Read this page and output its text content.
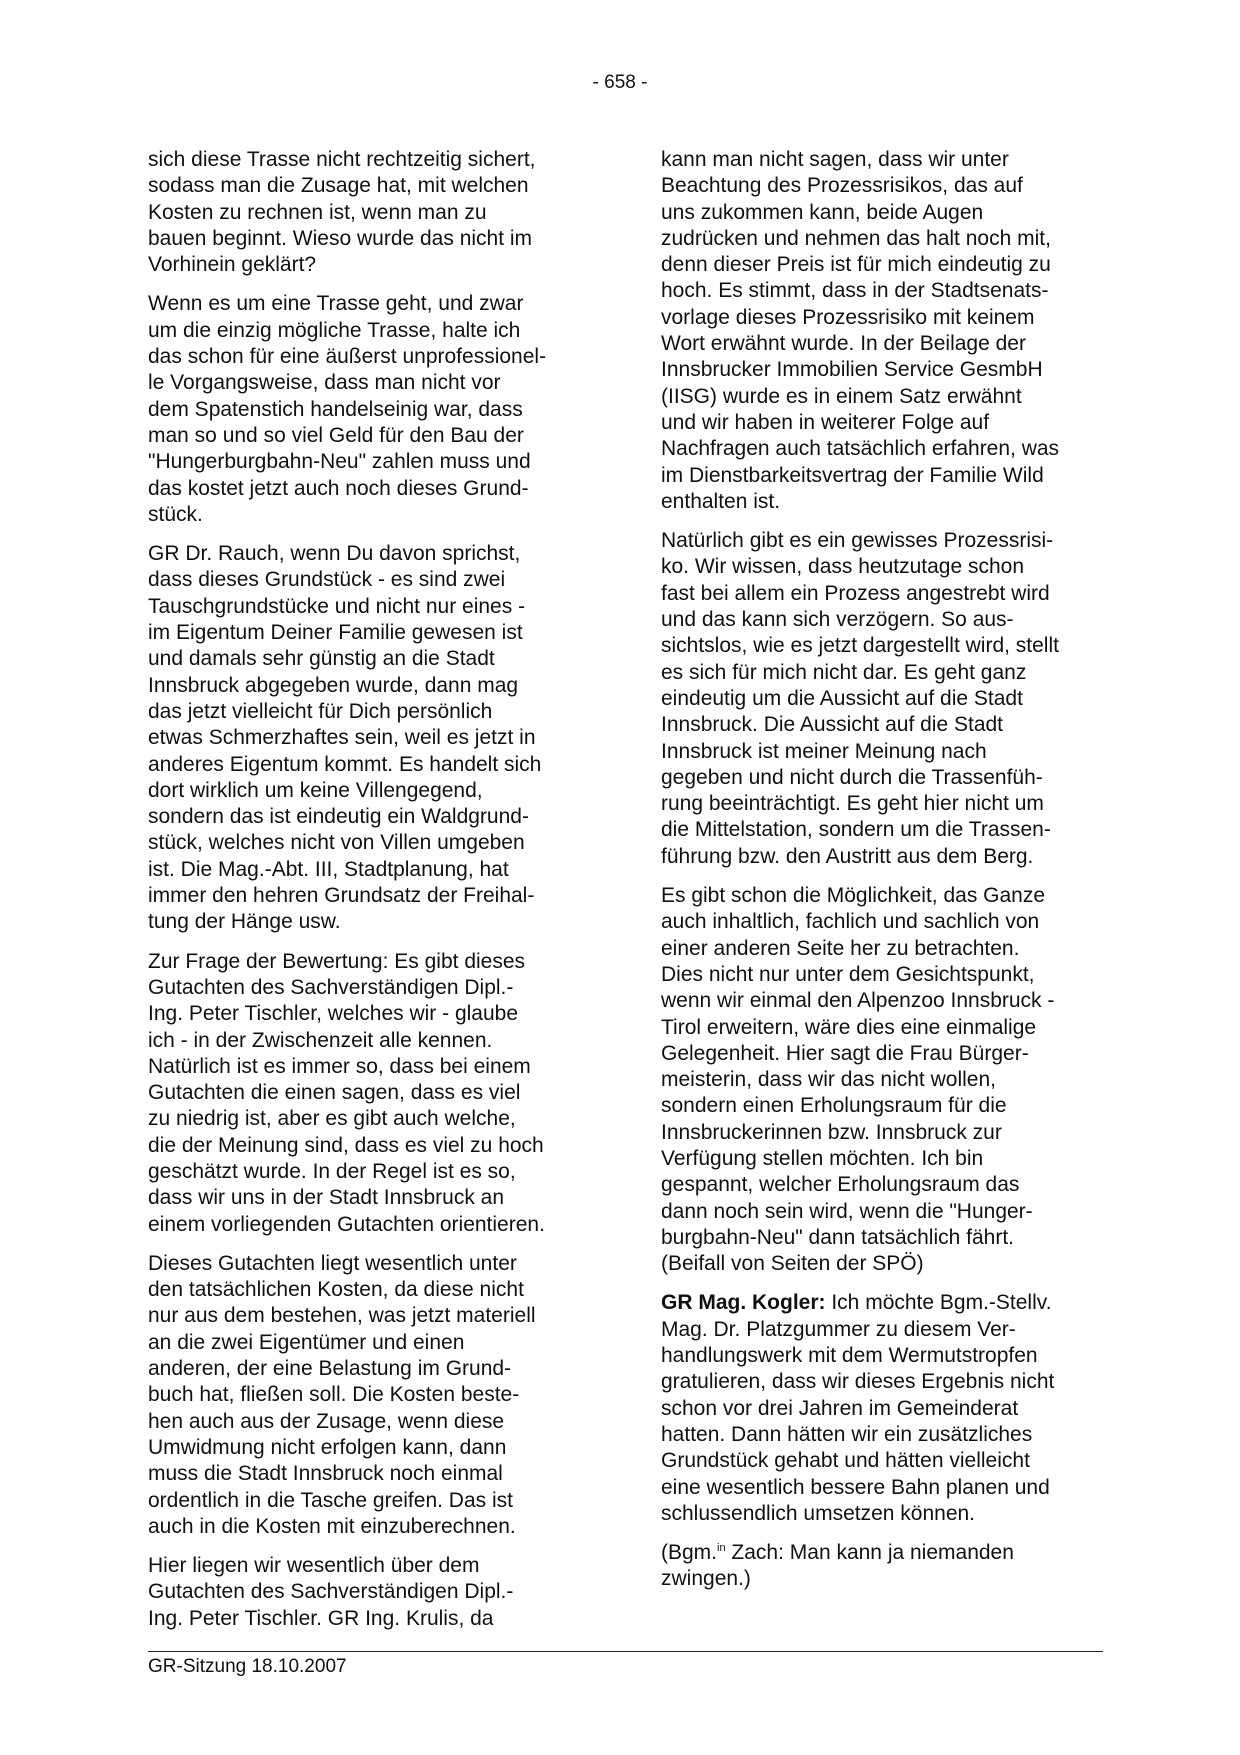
- 658 -

sich diese Trasse nicht rechtzeitig sichert,
sodass man die Zusage hat, mit welchen
Kosten zu rechnen ist, wenn man zu
bauen beginnt. Wieso wurde das nicht im
Vorhinein geklärt?

Wenn es um eine Trasse geht, und zwar
um die einzig mögliche Trasse, halte ich
das schon für eine äußerst unprofessionel-
le Vorgangsweise, dass man nicht vor
dem Spatenstich handelseinig war, dass
man so und so viel Geld für den Bau der
"Hungerburgbahn-Neu" zahlen muss und
das kostet jetzt auch noch dieses Grund-
stück.

GR Dr. Rauch, wenn Du davon sprichst,
dass dieses Grundstück - es sind zwei
Tauschgrundstücke und nicht nur eines -
im Eigentum Deiner Familie gewesen ist
und damals sehr günstig an die Stadt
Innsbruck abgegeben wurde, dann mag
das jetzt vielleicht für Dich persönlich
etwas Schmerzhaftes sein, weil es jetzt in
anderes Eigentum kommt. Es handelt sich
dort wirklich um keine Villengegend,
sondern das ist eindeutig ein Waldgrund-
stück, welches nicht von Villen umgeben
ist. Die Mag.-Abt. III, Stadtplanung, hat
immer den hehren Grundsatz der Freihal-
tung der Hänge usw.

Zur Frage der Bewertung: Es gibt dieses
Gutachten des Sachverständigen Dipl.-
Ing. Peter Tischler, welches wir - glaube
ich - in der Zwischenzeit alle kennen.
Natürlich ist es immer so, dass bei einem
Gutachten die einen sagen, dass es viel
zu niedrig ist, aber es gibt auch welche,
die der Meinung sind, dass es viel zu hoch
geschätzt wurde. In der Regel ist es so,
dass wir uns in der Stadt Innsbruck an
einem vorliegenden Gutachten orientieren.

Dieses Gutachten liegt wesentlich unter
den tatsächlichen Kosten, da diese nicht
nur aus dem bestehen, was jetzt materiell
an die zwei Eigentümer und einen
anderen, der eine Belastung im Grund-
buch hat, fließen soll. Die Kosten beste-
hen auch aus der Zusage, wenn diese
Umwidmung nicht erfolgen kann, dann
muss die Stadt Innsbruck noch einmal
ordentlich in die Tasche greifen. Das ist
auch in die Kosten mit einzuberechnen.

Hier liegen wir wesentlich über dem
Gutachten des Sachverständigen Dipl.-
Ing. Peter Tischler. GR Ing. Krulis, da

kann man nicht sagen, dass wir unter
Beachtung des Prozessrisikos, das auf
uns zukommen kann, beide Augen
zudrücken und nehmen das halt noch mit,
denn dieser Preis ist für mich eindeutig zu
hoch. Es stimmt, dass in der Stadtsenats-
vorlage dieses Prozessrisiko mit keinem
Wort erwähnt wurde. In der Beilage der
Innsbrucker Immobilien Service GesmbH
(IISG) wurde es in einem Satz erwähnt
und wir haben in weiterer Folge auf
Nachfragen auch tatsächlich erfahren, was
im Dienstbarkeitsvertrag der Familie Wild
enthalten ist.

Natürlich gibt es ein gewisses Prozessrisi-
ko. Wir wissen, dass heutzutage schon
fast bei allem ein Prozess angestrebt wird
und das kann sich verzögern. So aus-
sichtslos, wie es jetzt dargestellt wird, stellt
es sich für mich nicht dar. Es geht ganz
eindeutig um die Aussicht auf die Stadt
Innsbruck. Die Aussicht auf die Stadt
Innsbruck ist meiner Meinung nach
gegeben und nicht durch die Trassenfüh-
rung beeinträchtigt. Es geht hier nicht um
die Mittelstation, sondern um die Trassen-
führung bzw. den Austritt aus dem Berg.

Es gibt schon die Möglichkeit, das Ganze
auch inhaltlich, fachlich und sachlich von
einer anderen Seite her zu betrachten.
Dies nicht nur unter dem Gesichtspunkt,
wenn wir einmal den Alpenzoo Innsbruck -
Tirol erweitern, wäre dies eine einmalige
Gelegenheit. Hier sagt die Frau Bürger-
meisterin, dass wir das nicht wollen,
sondern einen Erholungsraum für die
Innsbruckerinnen bzw. Innsbruck zur
Verfügung stellen möchten. Ich bin
gespannt, welcher Erholungsraum das
dann noch sein wird, wenn die "Hunger-
burgbahn-Neu" dann tatsächlich fährt.
(Beifall von Seiten der SPÖ)

GR Mag. Kogler: Ich möchte Bgm.-Stellv.
Mag. Dr. Platzgummer zu diesem Ver-
handlungswerk mit dem Wermutstropfen
gratulieren, dass wir dieses Ergebnis nicht
schon vor drei Jahren im Gemeinderat
hatten. Dann hätten wir ein zusätzliches
Grundstück gehabt und hätten vielleicht
eine wesentlich bessere Bahn planen und
schlussendlich umsetzen können.

(Bgm.$^{in}$ Zach: Man kann ja niemanden
zwingen.)

GR-Sitzung 18.10.2007
